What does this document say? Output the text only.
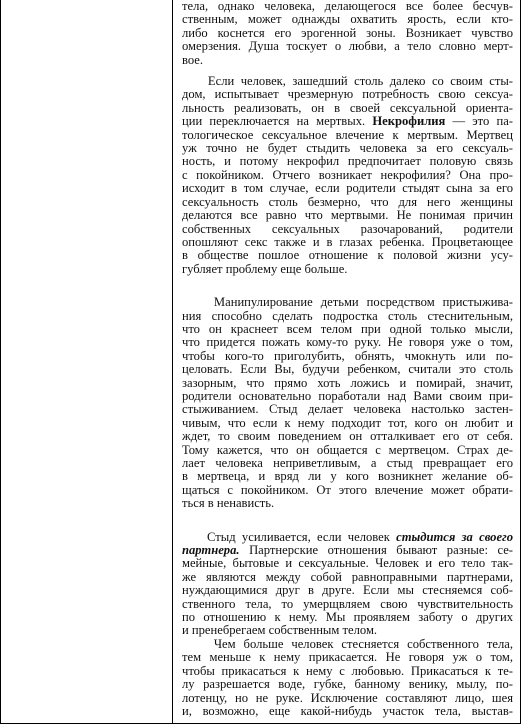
тела, однако человека, делающегося все более бесчув-
ственным, может однажды охватить ярость, если кто-
либо коснется его эрогенной зоны. Возникает чувство
омерзения. Душа тоскует о любви, а тело словно мерт-
вое.
Если человек, зашедший столь далеко со своим сты-
дом, испытывает чрезмерную потребность свою сексуа-
льность реализовать, он в своей сексуальной ориента-
ции переключается на мертвых. Некрофилия — это па-
тологическое сексуальное влечение к мертвым. Мертвец
уж точно не будет стыдить человека за его сексуаль-
ность, и потому некрофил предпочитает половую связь
с покойником. Отчего возникает некрофилия? Она про-
исходит в том случае, если родители стыдят сына за его
сексуальность столь безмерно, что для него женщины
делаются все равно что мертвыми. Не понимая причин
собственных сексуальных разочарований, родители
опошляют секс также и в глазах ребенка. Процветающее
в обществе пошлое отношение к половой жизни усу-
губляет проблему еще больше.
Манипулирование детьми посредством пристыжива-
ния способно сделать подростка столь стеснительным,
что он краснеет всем телом при одной только мысли,
что придется пожать кому-то руку. Не говоря уже о том,
чтобы кого-то приголубить, обнять, чмокнуть или по-
целовать. Если Вы, будучи ребенком, считали это столь
зазорным, что прямо хоть ложись и помирай, значит,
родители основательно поработали над Вами своим при-
стыживанием. Стыд делает человека настолько застен-
чивым, что если к нему подходит тот, кого он любит и
ждет, то своим поведением он отталкивает его от себя.
Тому кажется, что он общается с мертвецом. Страх де-
лает человека неприветливым, а стыд превращает его
в мертвеца, и вряд ли у кого возникнет желание об-
щаться с покойником. От этого влечение может обрати-
ться в ненависть.
Стыд усиливается, если человек стыдится за своего
партнера. Партнерские отношения бывают разные: се-
мейные, бытовые и сексуальные. Человек и его тело так-
же являются между собой равноправными партнерами,
нуждающимися друг в друге. Если мы стесняемся соб-
ственного тела, то умерщвляем свою чувствительность
по отношению к нему. Мы проявляем заботу о других
и пренебрегаем собственным телом.
Чем больше человек стесняется собственного тела,
тем меньше к нему прикасается. Не говоря уж о том,
чтобы прикасаться к нему с любовью. Прикасаться к те-
лу разрешается воде, губке, банному венику, мылу, по-
лотенцу, но не руке. Исключение составляют лицо, шея
и, возможно, еще какой-нибудь участок тела, выстав-
